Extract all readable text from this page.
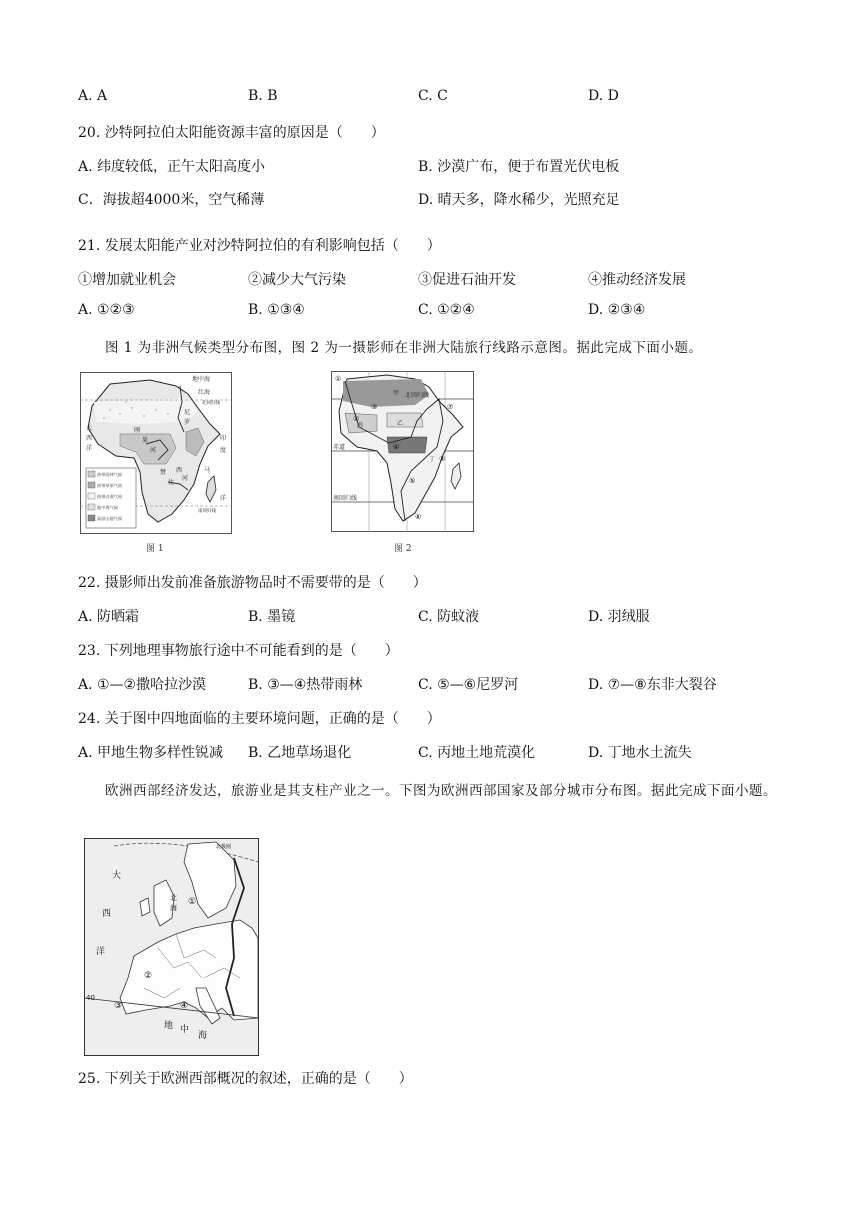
A. A	B. B	C. C	D. D
20. 沙特阿拉伯太阳能资源丰富的原因是（　　）
A. 纬度较低，正午太阳高度小	B. 沙漠广布，便于布置光伏电板
C．海拔超4000米，空气稀薄	D. 晴天多，降水稀少，光照充足
21. 发展太阳能产业对沙特阿拉伯的有利影响包括（　　）
①增加就业机会	②减少大气污染	③促进石油开发	④推动经济发展
A. ①②③	B. ①③④	C. ①②④	D. ②③④
图 1 为非洲气候类型分布图，图 2 为一摄影师在非洲大陆旅行线路示意图。据此完成下面小题。
热带雨林气候
热带草原气候
热带沙漠气候
地中海气候
高原山地气候
地中海
红海
北回归线
尼
罗
大
西
洋
刚
果
河
印
度
洋
赞
比
西
河
马
南回归线
图 1
北回归线
赤道
南回归线
甲
乙
丙
丁
①
②
③
④
⑤
⑥
⑦
⑧
图 2
22. 摄影师出发前准备旅游物品时不需要带的是（　　）
A. 防晒霜	B. 墨镜	C. 防蚊液	D. 羽绒服
23. 下列地理事物旅行途中不可能看到的是（　　）
A. ①—②撒哈拉沙漠	B. ③—④热带雨林	C. ⑤—⑥尼罗河	D. ⑦—⑧东非大裂谷
24. 关于图中四地面临的主要环境问题，正确的是（　　）
A. 甲地生物多样性锐减	B. 乙地草场退化	C. 丙地土地荒漠化	D. 丁地水土流失
欧洲西部经济发达，旅游业是其支柱产业之一。下图为欧洲西部国家及部分城市分布图。据此完成下面小题。
北极圈
大
西
洋
北
海
地 中
海
40
①
②
③	④
25. 下列关于欧洲西部概况的叙述，正确的是（　　）
